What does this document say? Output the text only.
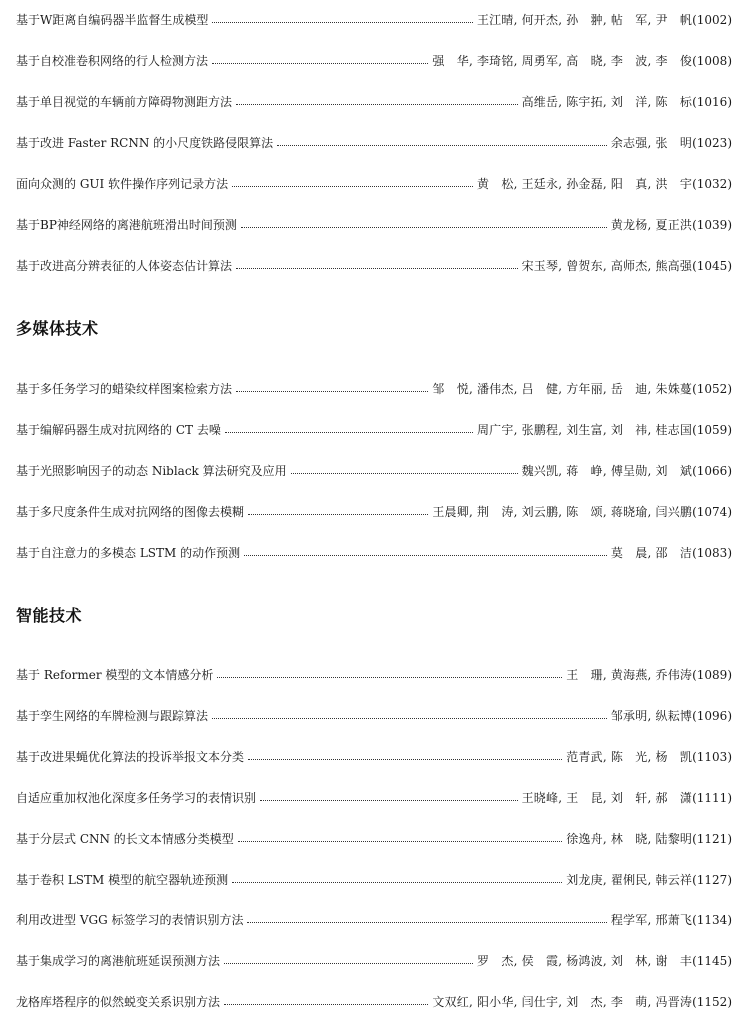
基于W距离自编码器半监督生成模型	王江晴, 何开杰, 孙　翀, 帖　军, 尹　帆 (1002)
基于自校准卷积网络的行人检测方法	强　华, 李琦铭, 周勇军, 高　晓, 李　波, 李　俊 (1008)
基于单目视觉的车辆前方障碍物测距方法	高维岳, 陈宇拓, 刘　洋, 陈　标 (1016)
基于改进 Faster RCNN 的小尺度铁路侵限算法	余志强, 张　明 (1023)
面向众测的 GUI 软件操作序列记录方法	黄　松, 王廷永, 孙金磊, 阳　真, 洪　宇 (1032)
基于BP神经网络的离港航班滑出时间预测	黄龙杨, 夏正洪 (1039)
基于改进高分辨表征的人体姿态估计算法	宋玉琴, 曾贺东, 高师杰, 熊高强 (1045)
多媒体技术
基于多任务学习的蜡染纹样图案检索方法	邹　悦, 潘伟杰, 吕　健, 方年丽, 岳　迪, 朱姝蔓 (1052)
基于编解码器生成对抗网络的 CT 去噪	周广宇, 张鹏程, 刘生富, 刘　祎, 桂志国 (1059)
基于光照影响因子的动态 Niblack 算法研究及应用	魏兴凯, 蒋　峥, 傅呈勋, 刘　斌 (1066)
基于多尺度条件生成对抗网络的图像去模糊	王晨卿, 荆　涛, 刘云鹏, 陈　颂, 蒋晓瑜, 闫兴鹏 (1074)
基于自注意力的多模态 LSTM 的动作预测	莫　晨, 邵　洁 (1083)
智能技术
基于 Reformer 模型的文本情感分析	王　珊, 黄海燕, 乔伟涛 (1089)
基于孪生网络的车牌检测与跟踪算法	邹承明, 纵耘博 (1096)
基于改进果蝇优化算法的投诉举报文本分类	范青武, 陈　光, 杨　凯 (1103)
自适应重加权池化深度多任务学习的表情识别	王晓峰, 王　昆, 刘　轩, 郝　潇 (1111)
基于分层式 CNN 的长文本情感分类模型	徐逸舟, 林　晓, 陆黎明 (1121)
基于卷积 LSTM 模型的航空器轨迹预测	刘龙庚, 翟俐民, 韩云祥 (1127)
利用改进型 VGG 标签学习的表情识别方法	程学军, 邢萧飞 (1134)
基于集成学习的离港航班延误预测方法	罗　杰, 侯　霞, 杨鸿波, 刘　林, 谢　丰 (1145)
龙格库塔程序的似然蜕变关系识别方法	文双红, 阳小华, 闫仕宇, 刘　杰, 李　萌, 冯晋涛 (1152)
